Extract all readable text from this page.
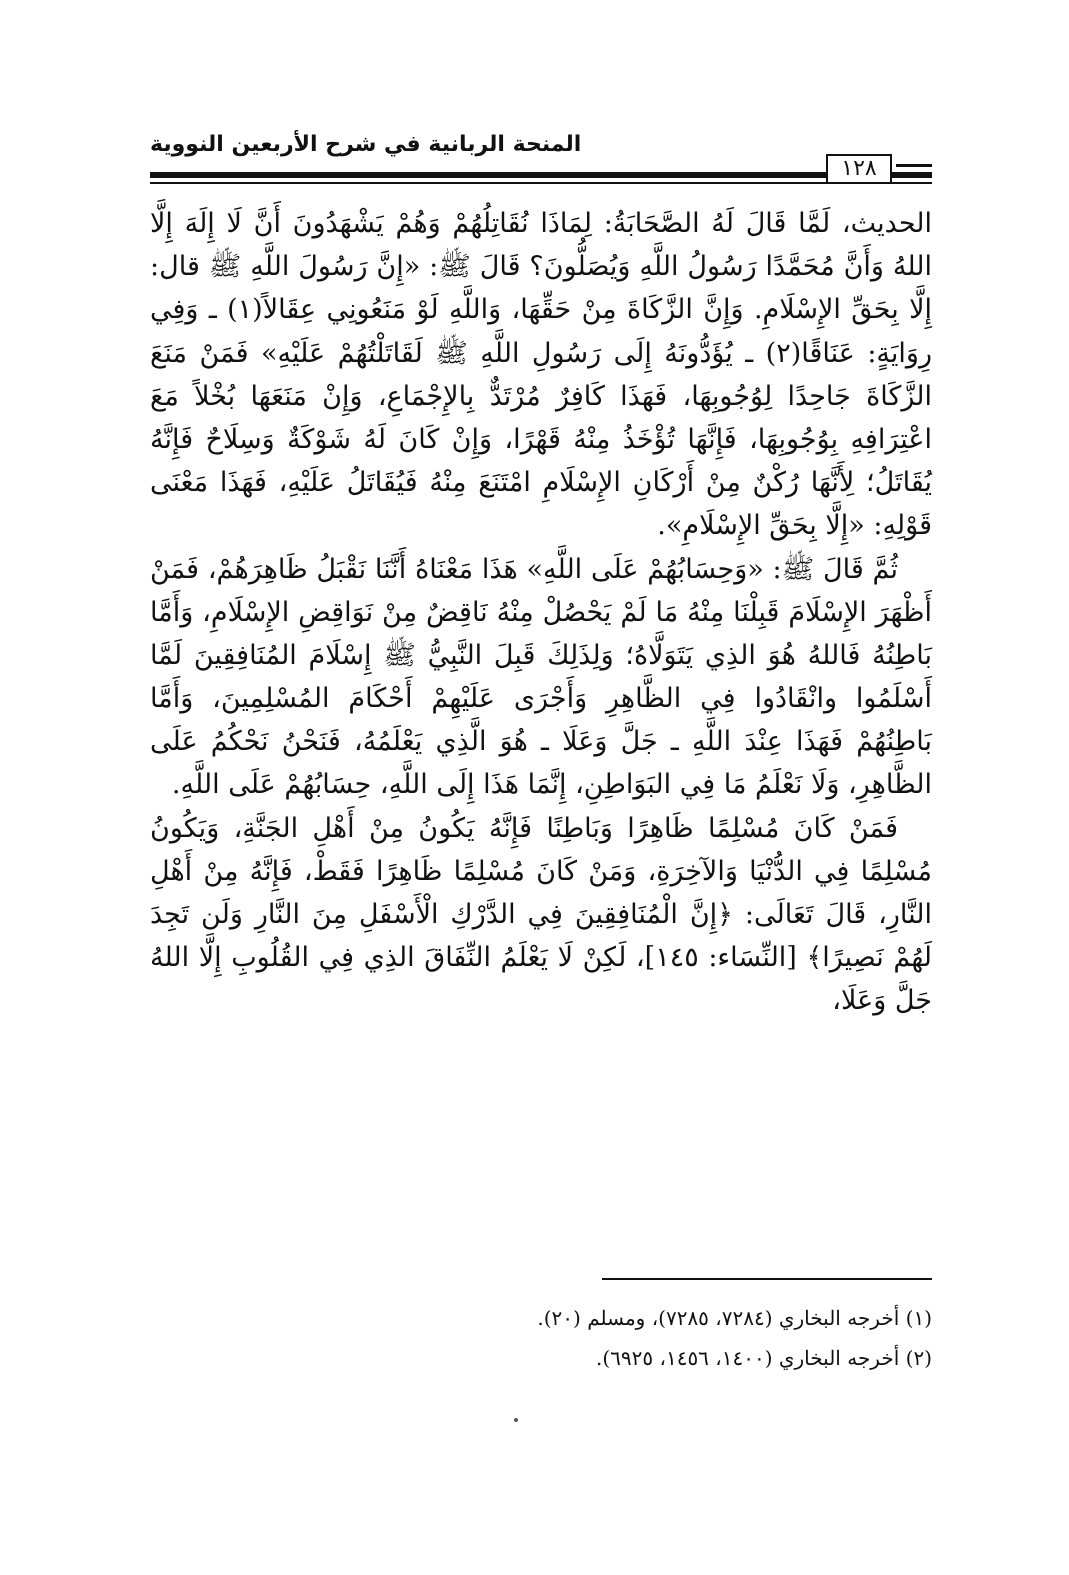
المنحة الربانية في شرح الأربعين النووية
١٢٨

الحديث، لَمَّا قَالَ لَهُ الصَّحَابَةُ: لِمَاذَا نُقَاتِلُهُمْ وَهُمْ يَشْهَدُونَ أَنَّ لَا إِلَهَ إِلَّا اللهُ وَأَنَّ مُحَمَّدًا رَسُولُ اللَّهِ وَيُصَلُّونَ؟ قَالَ ﷺ: «إِنَّ رَسُولَ اللَّهِ ﷺ قال: إِلَّا بِحَقِّ الإِسْلَامِ. وَإِنَّ الزَّكَاةَ مِنْ حَقِّهَا، وَاللَّهِ لَوْ مَنَعُونِي عِقَالاً(١) ـ وَفِي رِوَايَةٍ: عَنَاقًا(٢) ـ يُؤَدُّونَهُ إِلَى رَسُولِ اللَّهِ ﷺ لَقَاتَلْتُهُمْ عَلَيْهِ» فَمَنْ مَنَعَ الزَّكَاةَ جَاحِدًا لِوُجُوبِهَا، فَهَذَا كَافِرٌ مُرْتَدٌّ بِالإِجْمَاعِ، وَإِنْ مَنَعَهَا بُخْلاً مَعَ اعْتِرَافِهِ بِوُجُوبِهَا، فَإِنَّهَا تُؤْخَذُ مِنْهُ قَهْرًا، وَإِنْ كَانَ لَهُ شَوْكَةٌ وَسِلَاحٌ فَإِنَّهُ يُقَاتَلُ؛ لِأَنَّهَا رُكْنٌ مِنْ أَرْكَانِ الإِسْلَامِ امْتَنَعَ مِنْهُ فَيُقَاتَلُ عَلَيْهِ، فَهَذَا مَعْنَى قَوْلِهِ: «إِلَّا بِحَقِّ الإِسْلَامِ».

ثُمَّ قَالَ ﷺ: «وَحِسَابُهُمْ عَلَى اللَّهِ» هَذَا مَعْنَاهُ أَنَّنَا نَقْبَلُ ظَاهِرَهُمْ، فَمَنْ أَظْهَرَ الإِسْلَامَ قَبِلْنَا مِنْهُ مَا لَمْ يَحْصُلْ مِنْهُ نَاقِضٌ مِنْ نَوَاقِضِ الإِسْلَامِ، وَأَمَّا بَاطِنُهُ فَاللهُ هُوَ الذِي يَتَوَلَّاهُ؛ وَلِذَلِكَ قَبِلَ النَّبِيُّ ﷺ إِسْلَامَ المُنَافِقِينَ لَمَّا أَسْلَمُوا وانْقَادُوا فِي الظَّاهِرِ وَأَجْرَى عَلَيْهِمْ أَحْكَامَ المُسْلِمِينَ، وَأَمَّا بَاطِنُهُمْ فَهَذَا عِنْدَ اللَّهِ ـ جَلَّ وَعَلَا ـ هُوَ الَّذِي يَعْلَمُهُ، فَنَحْنُ نَحْكُمُ عَلَى الظَّاهِرِ، وَلَا نَعْلَمُ مَا فِي البَوَاطِنِ، إِنَّمَا هَذَا إِلَى اللَّهِ، حِسَابُهُمْ عَلَى اللَّهِ.

فَمَنْ كَانَ مُسْلِمًا ظَاهِرًا وَبَاطِنًا فَإِنَّهُ يَكُونُ مِنْ أَهْلِ الجَنَّةِ، وَيَكُونُ مُسْلِمًا فِي الدُّنْيَا وَالآخِرَةِ، وَمَنْ كَانَ مُسْلِمًا ظَاهِرًا فَقَطْ، فَإِنَّهُ مِنْ أَهْلِ النَّارِ، قَالَ تَعَالَى: ﴿إِنَّ الْمُنَافِقِينَ فِي الدَّرْكِ الْأَسْفَلِ مِنَ النَّارِ وَلَن تَجِدَ لَهُمْ نَصِيرًا﴾ [النِّسَاء: ١٤٥]، لَكِنْ لَا يَعْلَمُ النِّفَاقَ الذِي فِي القُلُوبِ إِلَّا اللهُ جَلَّ وَعَلَا،

(١) أخرجه البخاري (٧٢٨٤، ٧٢٨٥)، ومسلم (٢٠).

(٢) أخرجه البخاري (١٤٠٠، ١٤٥٦، ٦٩٢٥).
